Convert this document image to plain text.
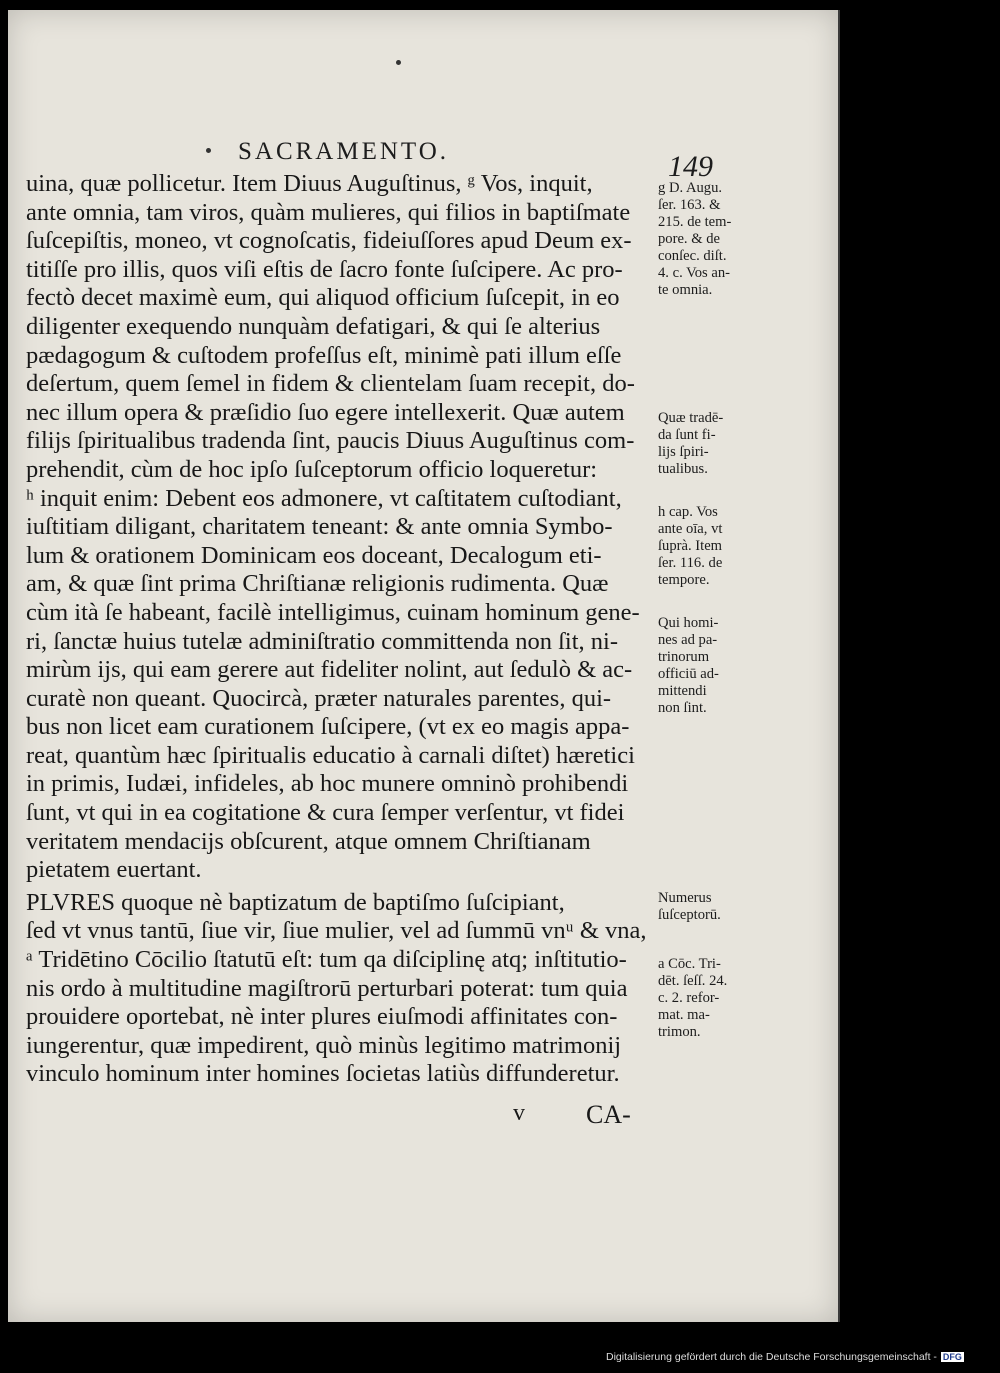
SACRAMENTO.	149
uina, quæ pollicetur. Item Diuus Auguſtinus, ᵍ Vos, inquit,
ante omnia, tam viros, quàm mulieres, qui filios in baptiſmate
ſuſcepiſtis, moneo, vt cognoſcatis, fideiuſſores apud Deum ex-
titiſſe pro illis, quos viſi eſtis de ſacro fonte ſuſcipere. Ac pro-
fectò decet maximè eum, qui aliquod officium ſuſcepit, in eo
diligenter exequendo nunquàm defatigari, & qui ſe alterius
pædagogum & cuſtodem profeſſus eſt, minimè pati illum eſſe
deſertum, quem ſemel in fidem & clientelam ſuam recepit, do-
nec illum opera & præſidio ſuo egere intellexerit. Quæ autem
filijs ſpiritualibus tradenda ſint, paucis Diuus Auguſtinus com-
prehendit, cùm de hoc ipſo ſuſceptorum officio loqueretur:
ʰ inquit enim: Debent eos admonere, vt caſtitatem cuſtodiant,
iuſtitiam diligant, charitatem teneant: & ante omnia Symbo-
lum & orationem Dominicam eos doceant, Decalogum eti-
am, & quæ ſint prima Chriſtianæ religionis rudimenta. Quæ
cùm ità ſe habeant, facilè intelligimus, cuinam hominum gene-
ri, ſanctæ huius tutelæ adminiſtratio committenda non ſit, ni-
mirùm ijs, qui eam gerere aut fideliter nolint, aut ſedulò & ac-
curatè non queant. Quocircà, præter naturales parentes, qui-
bus non licet eam curationem ſuſcipere, (vt ex eo magis appa-
reat, quantùm hæc ſpiritualis educatio à carnali diſtet) hæretici
in primis, Iudæi, infideles, ab hoc munere omninò prohibendi
ſunt, vt qui in ea cogitatione & cura ſemper verſentur, vt fidei
veritatem mendacijs obſcurent, atque omnem Chriſtianam
pietatem euertant.
PLVRES quoque nè baptizatum de baptiſmo ſuſcipiant,
ſed vt vnus tantū, ſiue vir, ſiue mulier, vel ad ſummū vnᵘ & vna,
ᵃ Tridētino Cōcilio ſtatutū eſt: tum qa diſciplinę atq; inſtitutio-
nis ordo à multitudine magiſtrorū perturbari poterat: tum quia
prouidere oportebat, nè inter plures eiuſmodi affinitates con-
iungerentur, quæ impedirent, quò minùs legitimo matrimonij
vinculo hominum inter homines ſocietas latiùs diffunderetur.
g D. Augu.
ſer. 163. &
215. de tem-
pore. & de
conſec. diſt.
4. c. Vos an-
te omnia.
Quæ tradē-
da ſunt fi-
lijs ſpiri-
tualibus.
h cap. Vos
ante oīa, vt
ſuprà. Item
ſer. 116. de
tempore.
Qui homi-
nes ad pa-
trinorum
officiū ad-
mittendi
non ſint.
Numerus
ſuſceptorū.
a Cōc. Tri-
dēt. ſeſſ. 24.
c. 2. refor-
mat. ma-
trimon.
v CA-
Digitalisierung gefördert durch die Deutsche Forschungsgemeinschaft - DFG
